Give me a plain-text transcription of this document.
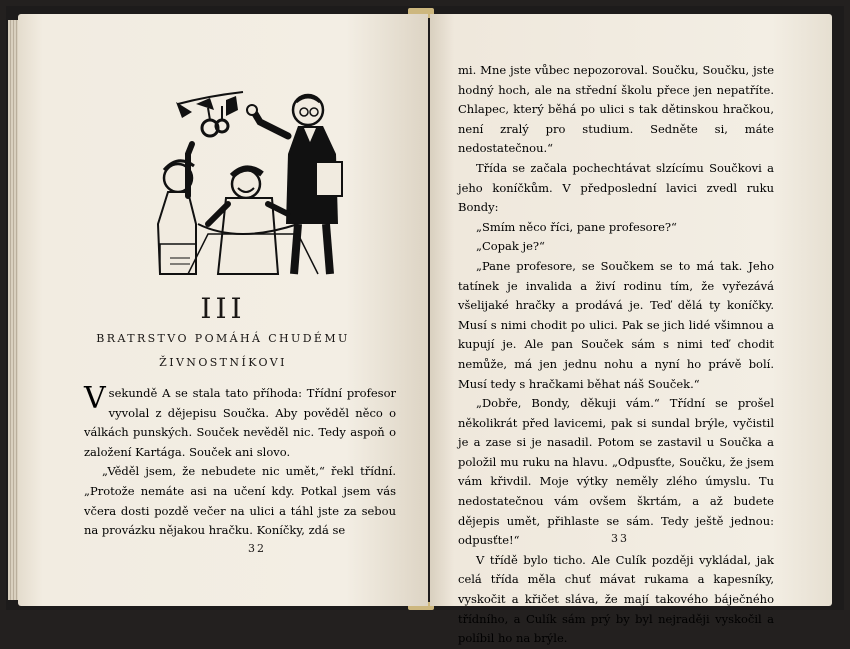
III
BRATRSTVO POMÁHÁ CHUDÉMU
ŽIVNOSTNÍKOVI
32

Vsekundě A se stala tato příhoda: Třídní profesor vyvolal z dějepisu Součka. Aby pověděl něco o válkách punských. Souček nevěděl nic. Tedy aspoň o založení Kartága. Souček ani slovo.

„Věděl jsem, že nebudete nic umět,“ řekl třídní. „Protože nemáte asi na učení kdy. Potkal jsem vás včera dosti pozdě večer na ulici a táhl jste za sebou na provázku nějakou hračku. Koníčky, zdá se

33

mi. Mne jste vůbec nepozoroval. Součku, Součku, jste hodný hoch, ale na střední školu přece jen nepatříte. Chlapec, který běhá po ulici s tak dětinskou hračkou, není zralý pro studium. Sedněte si, máte nedostatečnou.“

Třída se začala pochechtávat slzícímu Součkovi a jeho koníčkům. V předposlední lavici zvedl ruku Bondy:

„Smím něco říci, pane profesore?“

„Copak je?“

„Pane profesore, se Součkem se to má tak. Jeho tatínek je invalida a živí rodinu tím, že vyřezává všelijaké hračky a prodává je. Teď dělá ty koníčky. Musí s nimi chodit po ulici. Pak se jich lidé všimnou a kupují je. Ale pan Souček sám s nimi teď chodit nemůže, má jen jednu nohu a nyní ho právě bolí. Musí tedy s hračkami běhat náš Souček.“

„Dobře, Bondy, děkuji vám.“ Třídní se prošel několikrát před lavicemi, pak si sundal brýle, vyčistil je a zase si je nasadil. Potom se zastavil u Součka a položil mu ruku na hlavu. „Odpusťte, Součku, že jsem vám křivdil. Moje výtky neměly zlého úmyslu. Tu nedostatečnou vám ovšem škrtám, a až budete dějepis umět, přihlaste se sám. Tedy ještě jednou: odpusťte!“

V třídě bylo ticho. Ale Culík později vykládal, jak celá třída měla chuť mávat rukama a kapesníky, vyskočit a křičet sláva, že mají takového báječného třídního, a Culík sám prý by byl nejraději vyskočil a políbil ho na brýle.
